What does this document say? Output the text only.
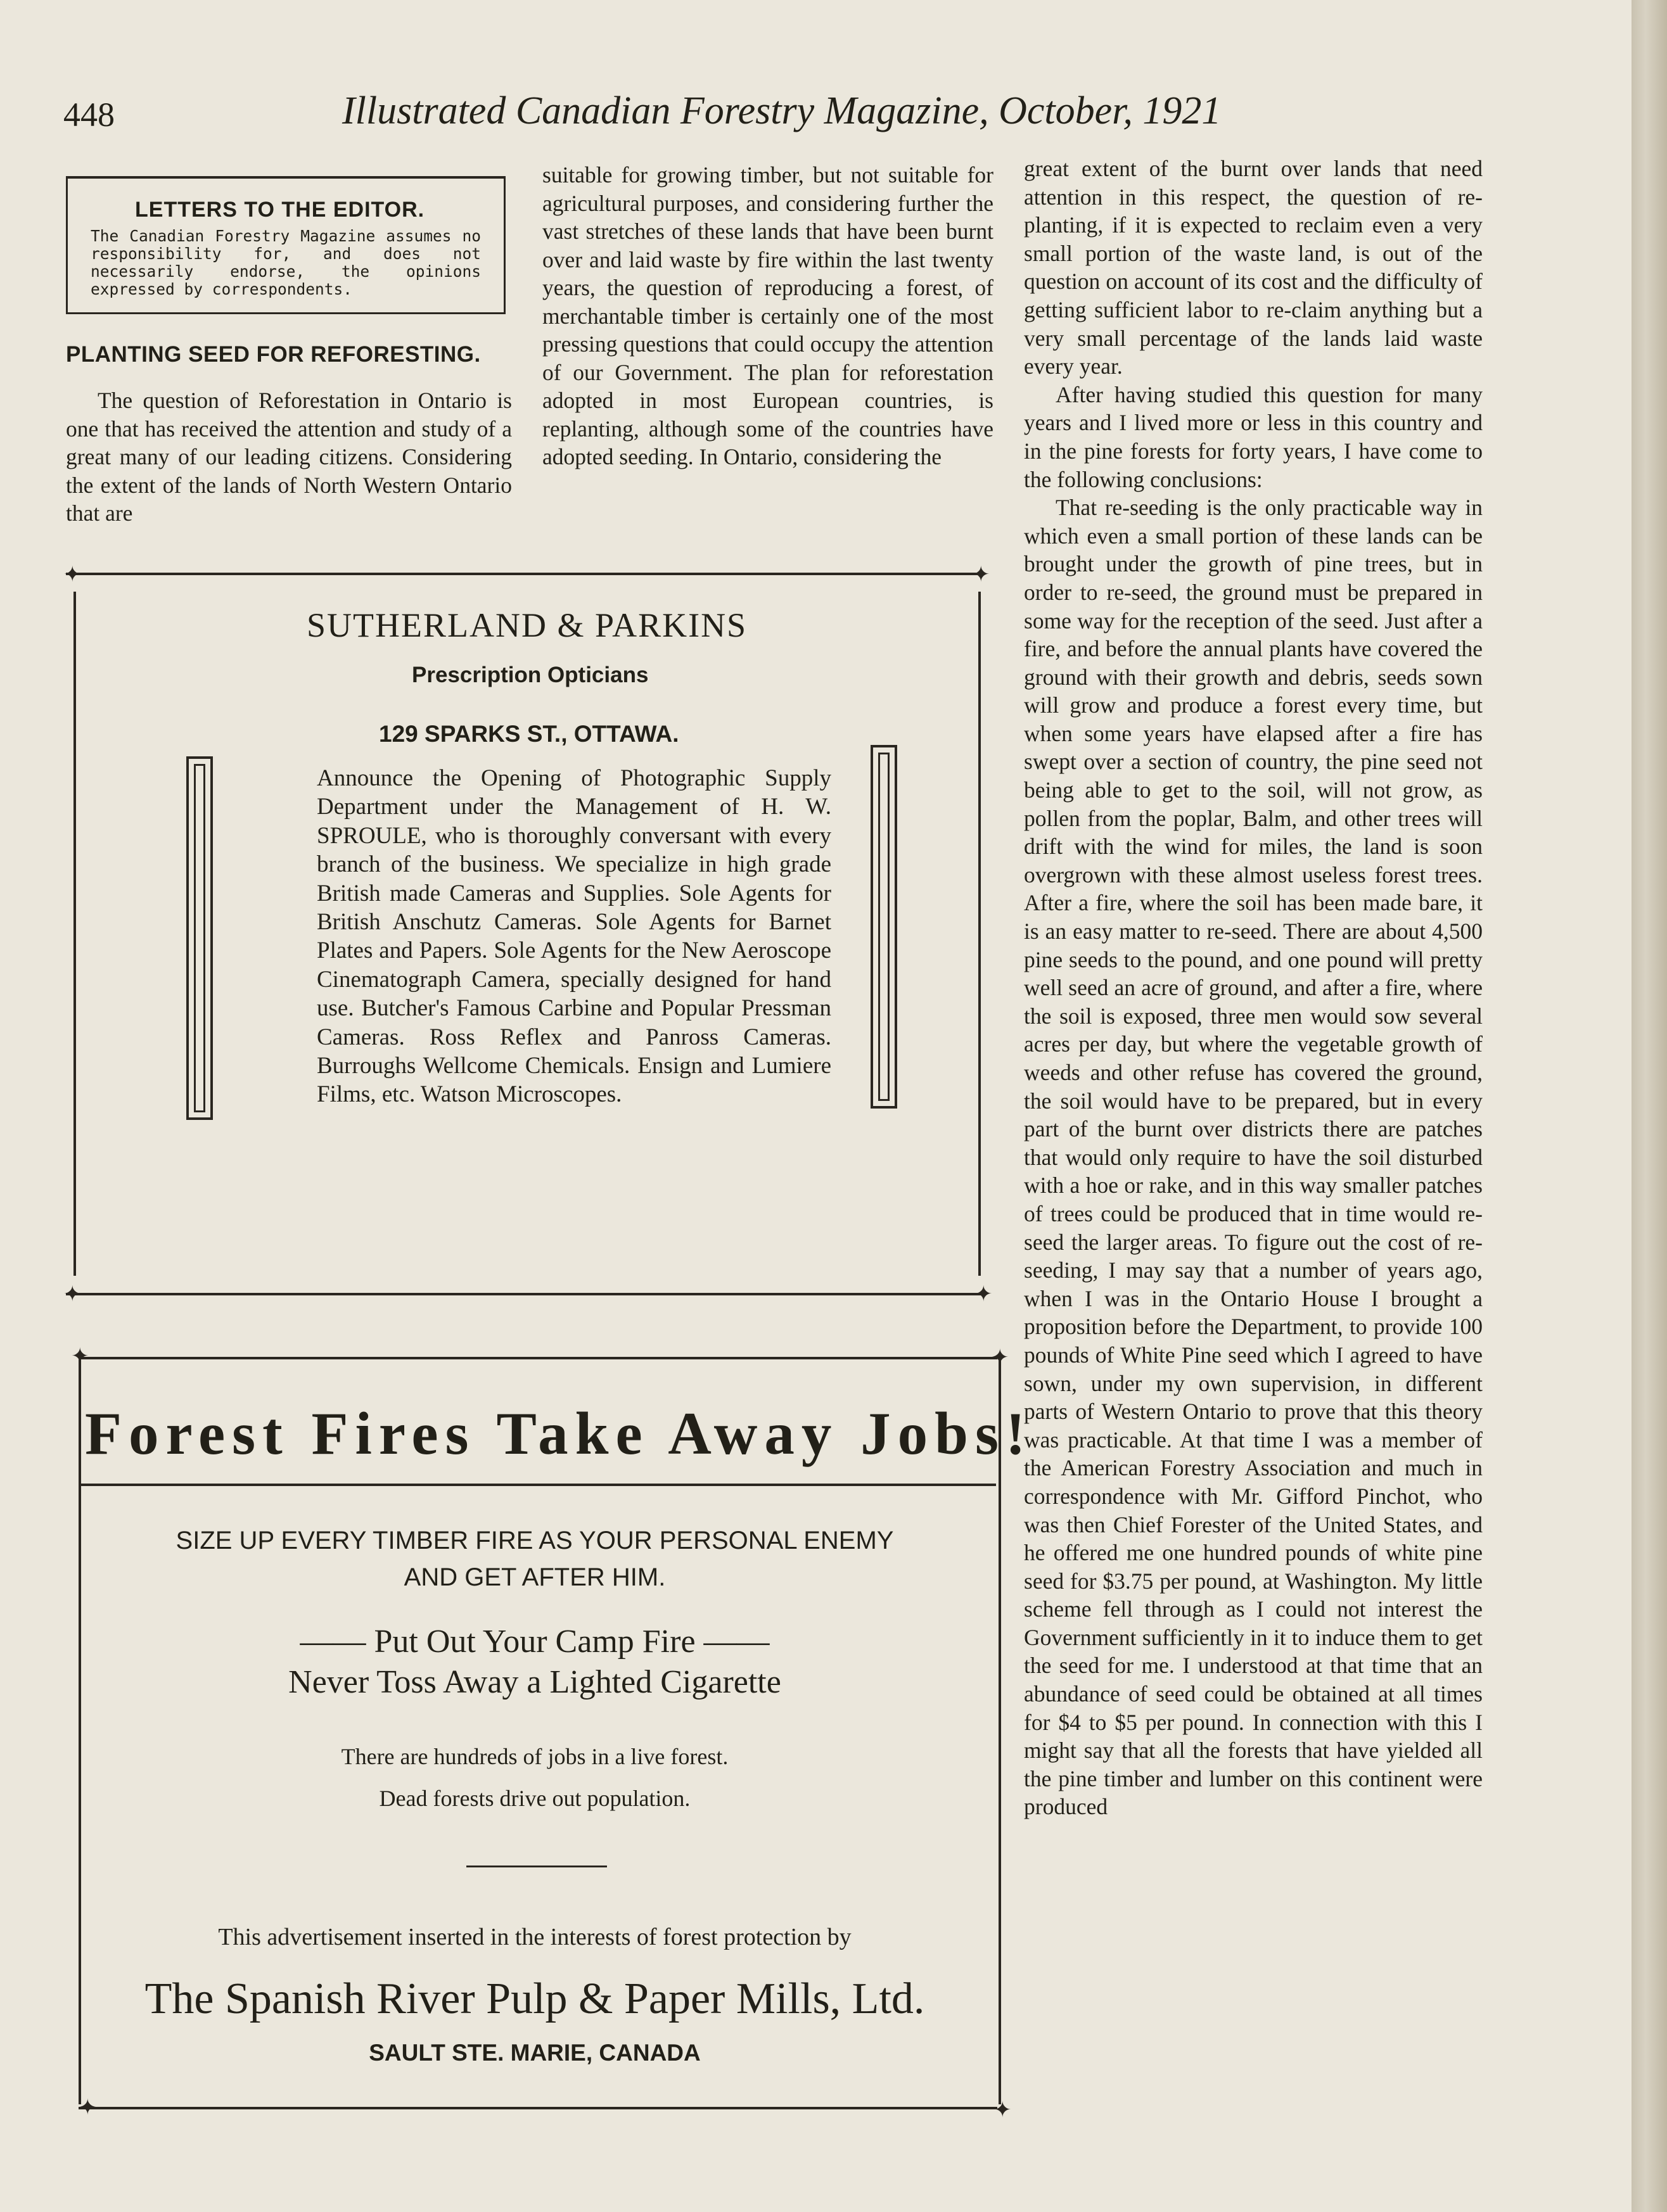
448	Illustrated Canadian Forestry Magazine, October, 1921
LETTERS TO THE EDITOR.
The Canadian Forestry Magazine assumes no responsibility for, and does not necessarily endorse, the opinions expressed by correspondents.
PLANTING SEED FOR REFORESTING.

The question of Reforestation in Ontario is one that has received the attention and study of a great many of our leading citizens. Considering the extent of the lands of North Western Ontario that are

suitable for growing timber, but not suitable for agricultural purposes, and considering further the vast stretches of these lands that have been burnt over and laid waste by fire within the last twenty years, the question of reproducing a forest, of merchantable timber is certainly one of the most pressing questions that could occupy the attention of our Government. The plan for reforestation adopted in most European countries, is replanting, although some of the countries have adopted seeding. In Ontario, considering the

great extent of the burnt over lands that need attention in this respect, the question of re-planting, if it is expected to reclaim even a very small portion of the waste land, is out of the question on account of its cost and the difficulty of getting sufficient labor to re-claim anything but a very small percentage of the lands laid waste every year.

After having studied this question for many years and I lived more or less in this country and in the pine forests for forty years, I have come to the following conclusions:

That re-seeding is the only practicable way in which even a small portion of these lands can be brought under the growth of pine trees, but in order to re-seed, the ground must be prepared in some way for the reception of the seed. Just after a fire, and before the annual plants have covered the ground with their growth and debris, seeds sown will grow and produce a forest every time, but when some years have elapsed after a fire has swept over a section of country, the pine seed not being able to get to the soil, will not grow, as pollen from the poplar, Balm, and other trees will drift with the wind for miles, the land is soon overgrown with these almost useless forest trees. After a fire, where the soil has been made bare, it is an easy matter to re-seed. There are about 4,500 pine seeds to the pound, and one pound will pretty well seed an acre of ground, and after a fire, where the soil is exposed, three men would sow several acres per day, but where the vegetable growth of weeds and other refuse has covered the ground, the soil would have to be prepared, but in every part of the burnt over districts there are patches that would only require to have the soil disturbed with a hoe or rake, and in this way smaller patches of trees could be produced that in time would re-seed the larger areas. To figure out the cost of re-seeding, I may say that a number of years ago, when I was in the Ontario House I brought a proposition before the Department, to provide 100 pounds of White Pine seed which I agreed to have sown, under my own supervision, in different parts of Western Ontario to prove that this theory was practicable. At that time I was a member of the American Forestry Association and much in correspondence with Mr. Gifford Pinchot, who was then Chief Forester of the United States, and he offered me one hundred pounds of white pine seed for $3.75 per pound, at Washington. My little scheme fell through as I could not interest the Government sufficiently in it to induce them to get the seed for me. I understood at that time that an abundance of seed could be obtained at all times for $4 to $5 per pound. In connection with this I might say that all the forests that have yielded all the pine timber and lumber on this continent were produced

✦	✦
✦	✦
SUTHERLAND & PARKINS
Prescription Opticians
129 SPARKS ST., OTTAWA.
Announce the Opening of Photographic Supply Department under the Management of H. W. SPROULE, who is thoroughly conversant with every branch of the business. We specialize in high grade British made Cameras and Supplies. Sole Agents for British Anschutz Cameras. Sole Agents for Barnet Plates and Papers. Sole Agents for the New Aeroscope Cinematograph Camera, specially designed for hand use. Butcher's Famous Carbine and Popular Pressman Cameras. Ross Reflex and Panross Cameras. Burroughs Wellcome Chemicals. Ensign and Lumiere Films, etc. Watson Microscopes.
✦	✦
✦	✦
Forest Fires Take Away Jobs!
SIZE UP EVERY TIMBER FIRE AS YOUR PERSONAL ENEMY
AND GET AFTER HIM.
—— Put Out Your Camp Fire ——
Never Toss Away a Lighted Cigarette
There are hundreds of jobs in a live forest.
Dead forests drive out population.
This advertisement inserted in the interests of forest protection by
The Spanish River Pulp & Paper Mills, Ltd.
SAULT STE. MARIE, CANADA
